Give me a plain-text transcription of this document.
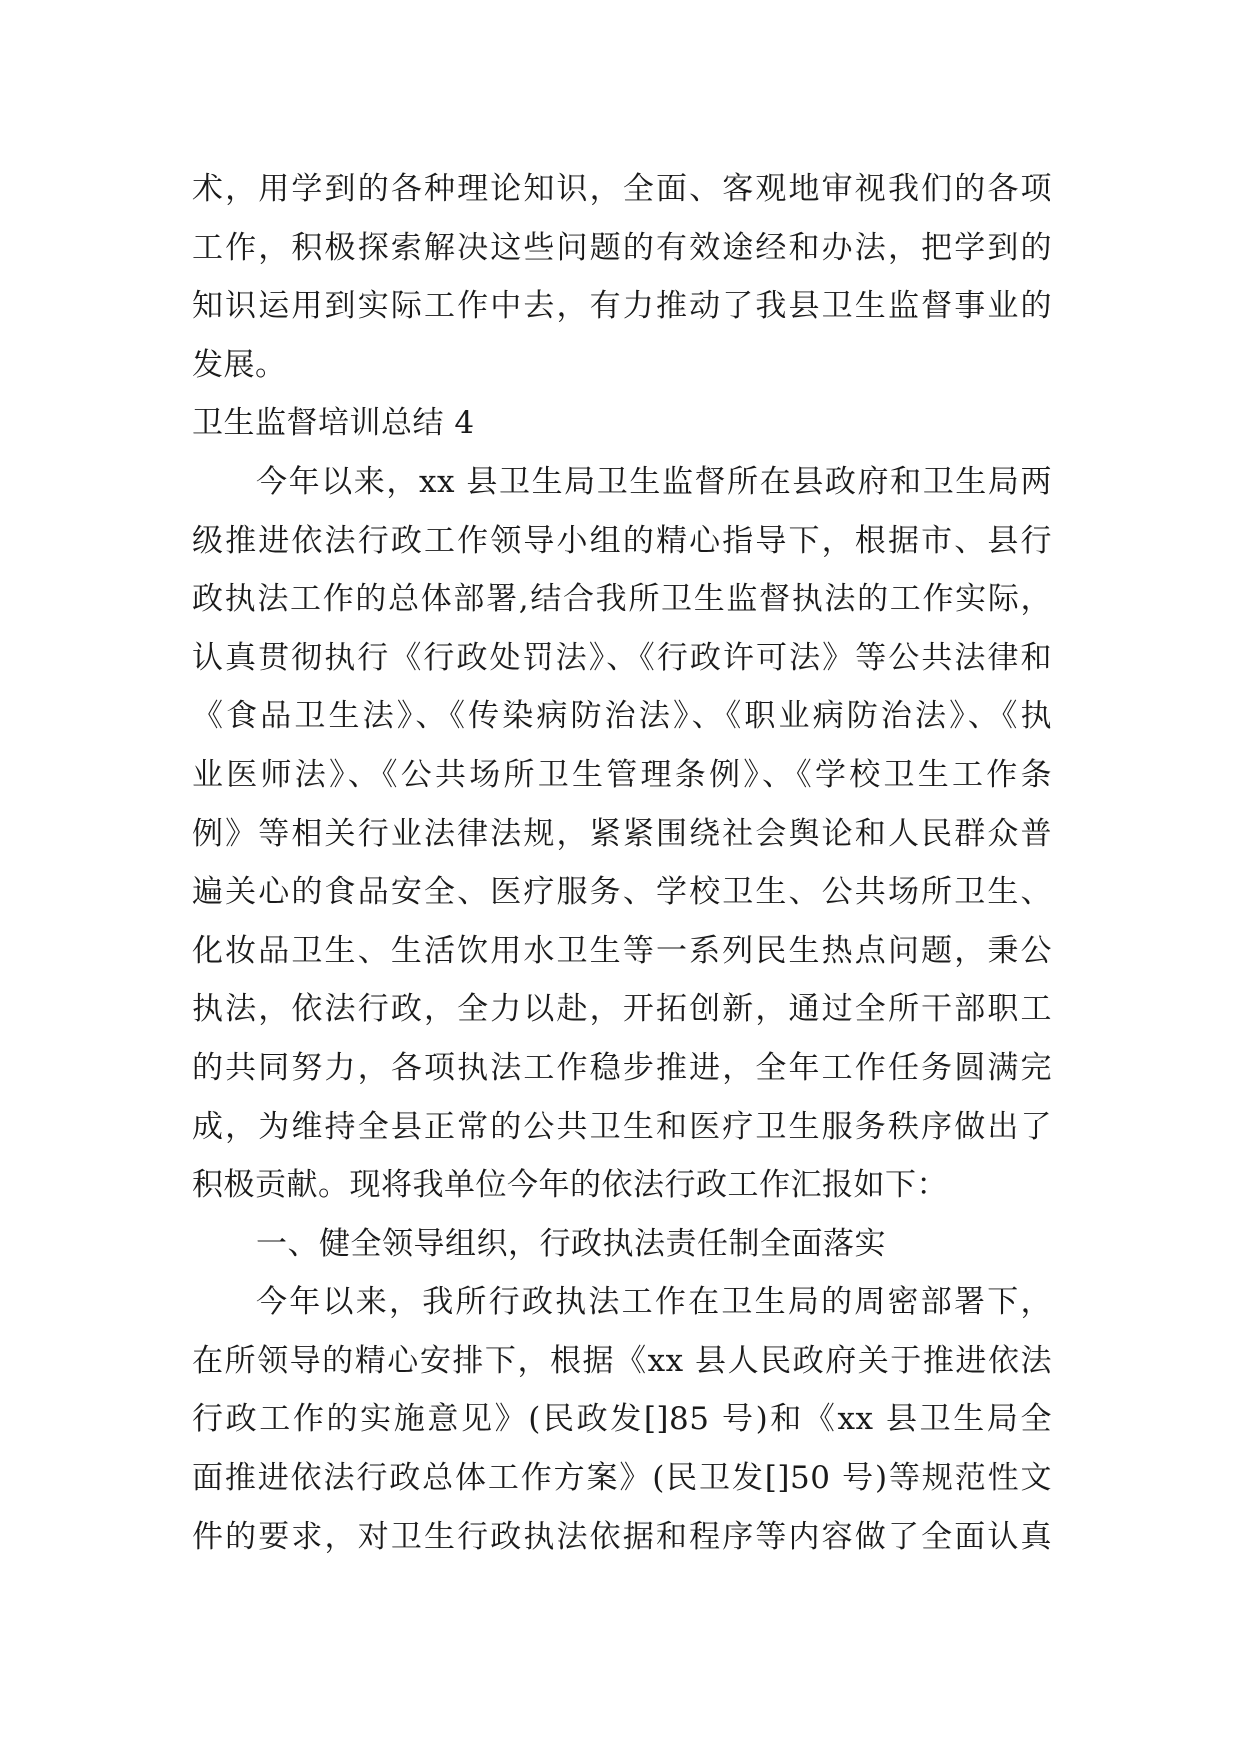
术，用学到的各种理论知识，全面、客观地审视我们的各项
工作，积极探索解决这些问题的有效途经和办法，把学到的
知识运用到实际工作中去，有力推动了我县卫生监督事业的
发展。
卫生监督培训总结 4
今年以来，xx 县卫生局卫生监督所在县政府和卫生局两
级推进依法行政工作领导小组的精心指导下，根据市、县行
政执法工作的总体部署,结合我所卫生监督执法的工作实际，
认真贯彻执行《行政处罚法》、《行政许可法》等公共法律和
《食品卫生法》、《传染病防治法》、《职业病防治法》、《执
业医师法》、《公共场所卫生管理条例》、《学校卫生工作条
例》等相关行业法律法规，紧紧围绕社会舆论和人民群众普
遍关心的食品安全、医疗服务、学校卫生、公共场所卫生、
化妆品卫生、生活饮用水卫生等一系列民生热点问题，秉公
执法，依法行政，全力以赴，开拓创新，通过全所干部职工
的共同努力，各项执法工作稳步推进，全年工作任务圆满完
成，为维持全县正常的公共卫生和医疗卫生服务秩序做出了
积极贡献。现将我单位今年的依法行政工作汇报如下：
一、健全领导组织，行政执法责任制全面落实
今年以来，我所行政执法工作在卫生局的周密部署下，
在所领导的精心安排下，根据《xx 县人民政府关于推进依法
行政工作的实施意见》(民政发[]85 号)和《xx 县卫生局全
面推进依法行政总体工作方案》(民卫发[]50 号)等规范性文
件的要求，对卫生行政执法依据和程序等内容做了全面认真
